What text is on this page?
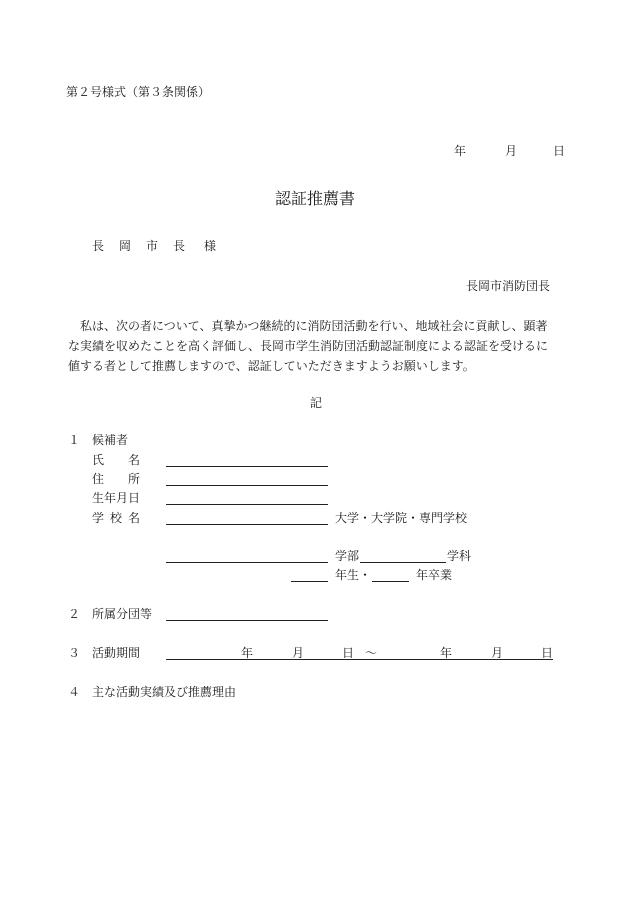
第２号様式（第３条関係）
年	月	日
認証推薦書
長岡市長 様
長岡市消防団長

　私は、次の者について、真摯かつ継続的に消防団活動を行い、地域社会に貢献し、顕著

な実績を収めたことを高く評価し、長岡市学生消防団活動認証制度による認証を受けるに

値する者として推薦しますので、認証していただきますようお願いします。

記
１ 候補者
氏名
住所
生年月日
学校名	大学・大学院・専門学校
学部	学科
年生・	年卒業
２ 所属分団等
３ 活動期間	年	月	日 ～	年	月	日
４ 主な活動実績及び推薦理由
